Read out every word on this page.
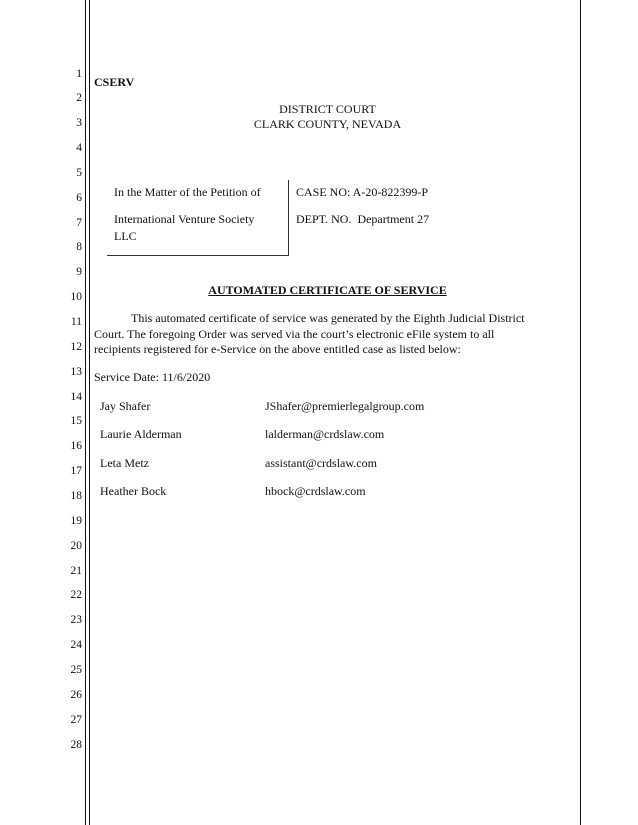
1
2
3
4
5
6
7
8
9
10
11
12
13
14
15
16
17
18
19
20
21
22
23
24
25
26
27
28
CSERV
DISTRICT COURT
CLARK COUNTY, NEVADA
In the Matter of the Petition of
International Venture Society
LLC
CASE NO: A-20-822399-P
DEPT. NO.  Department 27
AUTOMATED CERTIFICATE OF SERVICE

This automated certificate of service was generated by the Eighth Judicial District

Court. The foregoing Order was served via the court’s electronic eFile system to all

recipients registered for e-Service on the above entitled case as listed below:

Service Date: 11/6/2020
Jay Shafer	JShafer@premierlegalgroup.com
Laurie Alderman	lalderman@crdslaw.com
Leta Metz	assistant@crdslaw.com
Heather Bock	hbock@crdslaw.com
